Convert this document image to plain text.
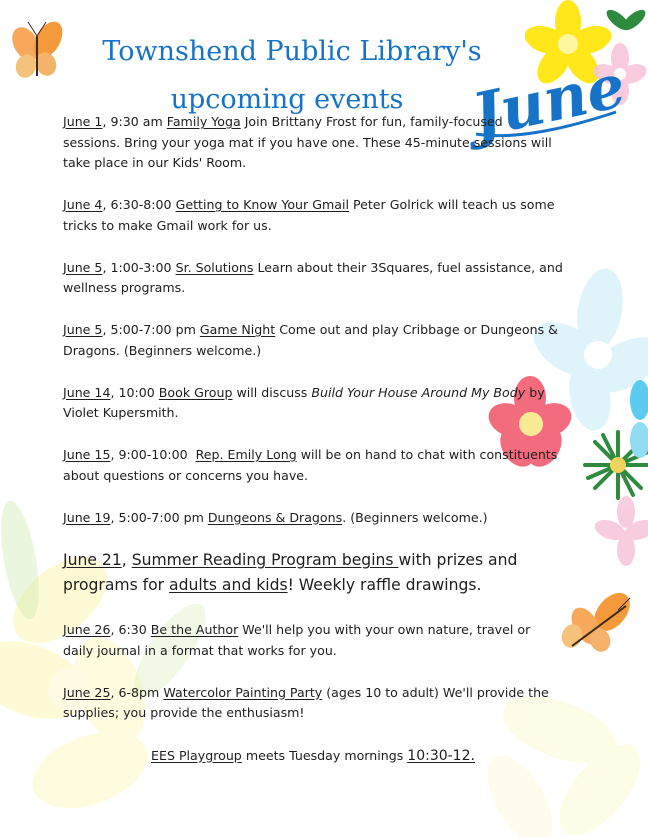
Townshend Public Library's
upcoming events	June

June 1, 9:30 am Family Yoga Join Brittany Frost for fun, family-focused sessions. Bring your yoga mat if you have one. These 45-minute sessions will take place in our Kids' Room.

June 4, 6:30-8:00 Getting to Know Your Gmail Peter Golrick will teach us some tricks to make Gmail work for us.

June 5, 1:00-3:00 Sr. Solutions Learn about their 3Squares, fuel assistance, and wellness programs.

June 5, 5:00-7:00 pm Game Night Come out and play Cribbage or Dungeons & Dragons. (Beginners welcome.)

June 14, 10:00 Book Group will discuss Build Your House Around My Body by Violet Kupersmith.

June 15, 9:00-10:00  Rep. Emily Long will be on hand to chat with constituents about questions or concerns you have.

June 19, 5:00-7:00 pm Dungeons & Dragons. (Beginners welcome.)

June 21, Summer Reading Program begins with prizes and programs for adults and kids! Weekly raffle drawings.

June 26, 6:30 Be the Author We'll help you with your own nature, travel or daily journal in a format that works for you.

June 25, 6-8pm Watercolor Painting Party (ages 10 to adult) We'll provide the supplies; you provide the enthusiasm!

EES Playgroup meets Tuesday mornings 10:30-12.
